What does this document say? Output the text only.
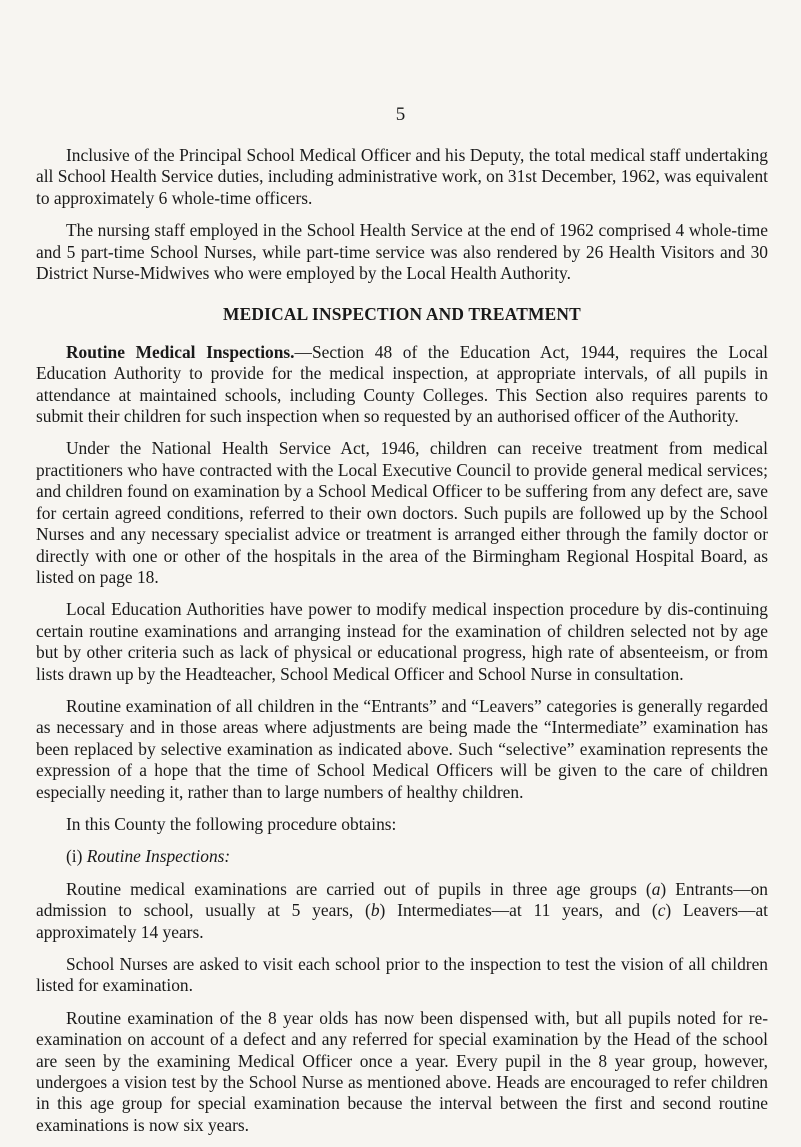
5

Inclusive of the Principal School Medical Officer and his Deputy, the total medical staff undertaking all School Health Service duties, including administrative work, on 31st December, 1962, was equivalent to approximately 6 whole-time officers.

The nursing staff employed in the School Health Service at the end of 1962 comprised 4 whole-time and 5 part-time School Nurses, while part-time service was also rendered by 26 Health Visitors and 30 District Nurse-Midwives who were employed by the Local Health Authority.

MEDICAL INSPECTION AND TREATMENT

Routine Medical Inspections.—Section 48 of the Education Act, 1944, requires the Local Education Authority to provide for the medical inspection, at appropriate intervals, of all pupils in attendance at maintained schools, including County Colleges. This Section also requires parents to submit their children for such inspection when so requested by an authorised officer of the Authority.

Under the National Health Service Act, 1946, children can receive treatment from medical practitioners who have contracted with the Local Executive Council to provide general medical services; and children found on examination by a School Medical Officer to be suffering from any defect are, save for certain agreed conditions, referred to their own doctors. Such pupils are followed up by the School Nurses and any necessary specialist advice or treatment is arranged either through the family doctor or directly with one or other of the hospitals in the area of the Birmingham Regional Hospital Board, as listed on page 18.

Local Education Authorities have power to modify medical inspection procedure by dis-continuing certain routine examinations and arranging instead for the examination of children selected not by age but by other criteria such as lack of physical or educational progress, high rate of absenteeism, or from lists drawn up by the Headteacher, School Medical Officer and School Nurse in consultation.

Routine examination of all children in the “Entrants” and “Leavers” categories is generally regarded as necessary and in those areas where adjustments are being made the “Intermediate” examination has been replaced by selective examination as indicated above. Such “selective” examination represents the expression of a hope that the time of School Medical Officers will be given to the care of children especially needing it, rather than to large numbers of healthy children.

In this County the following procedure obtains:

(i) Routine Inspections:

Routine medical examinations are carried out of pupils in three age groups (a) Entrants—on admission to school, usually at 5 years, (b) Intermediates—at 11 years, and (c) Leavers—at approximately 14 years.

School Nurses are asked to visit each school prior to the inspection to test the vision of all children listed for examination.

Routine examination of the 8 year olds has now been dispensed with, but all pupils noted for re-examination on account of a defect and any referred for special examination by the Head of the school are seen by the examining Medical Officer once a year. Every pupil in the 8 year group, however, undergoes a vision test by the School Nurse as mentioned above. Heads are encouraged to refer children in this age group for special examination because the interval between the first and second routine examinations is now six years.
